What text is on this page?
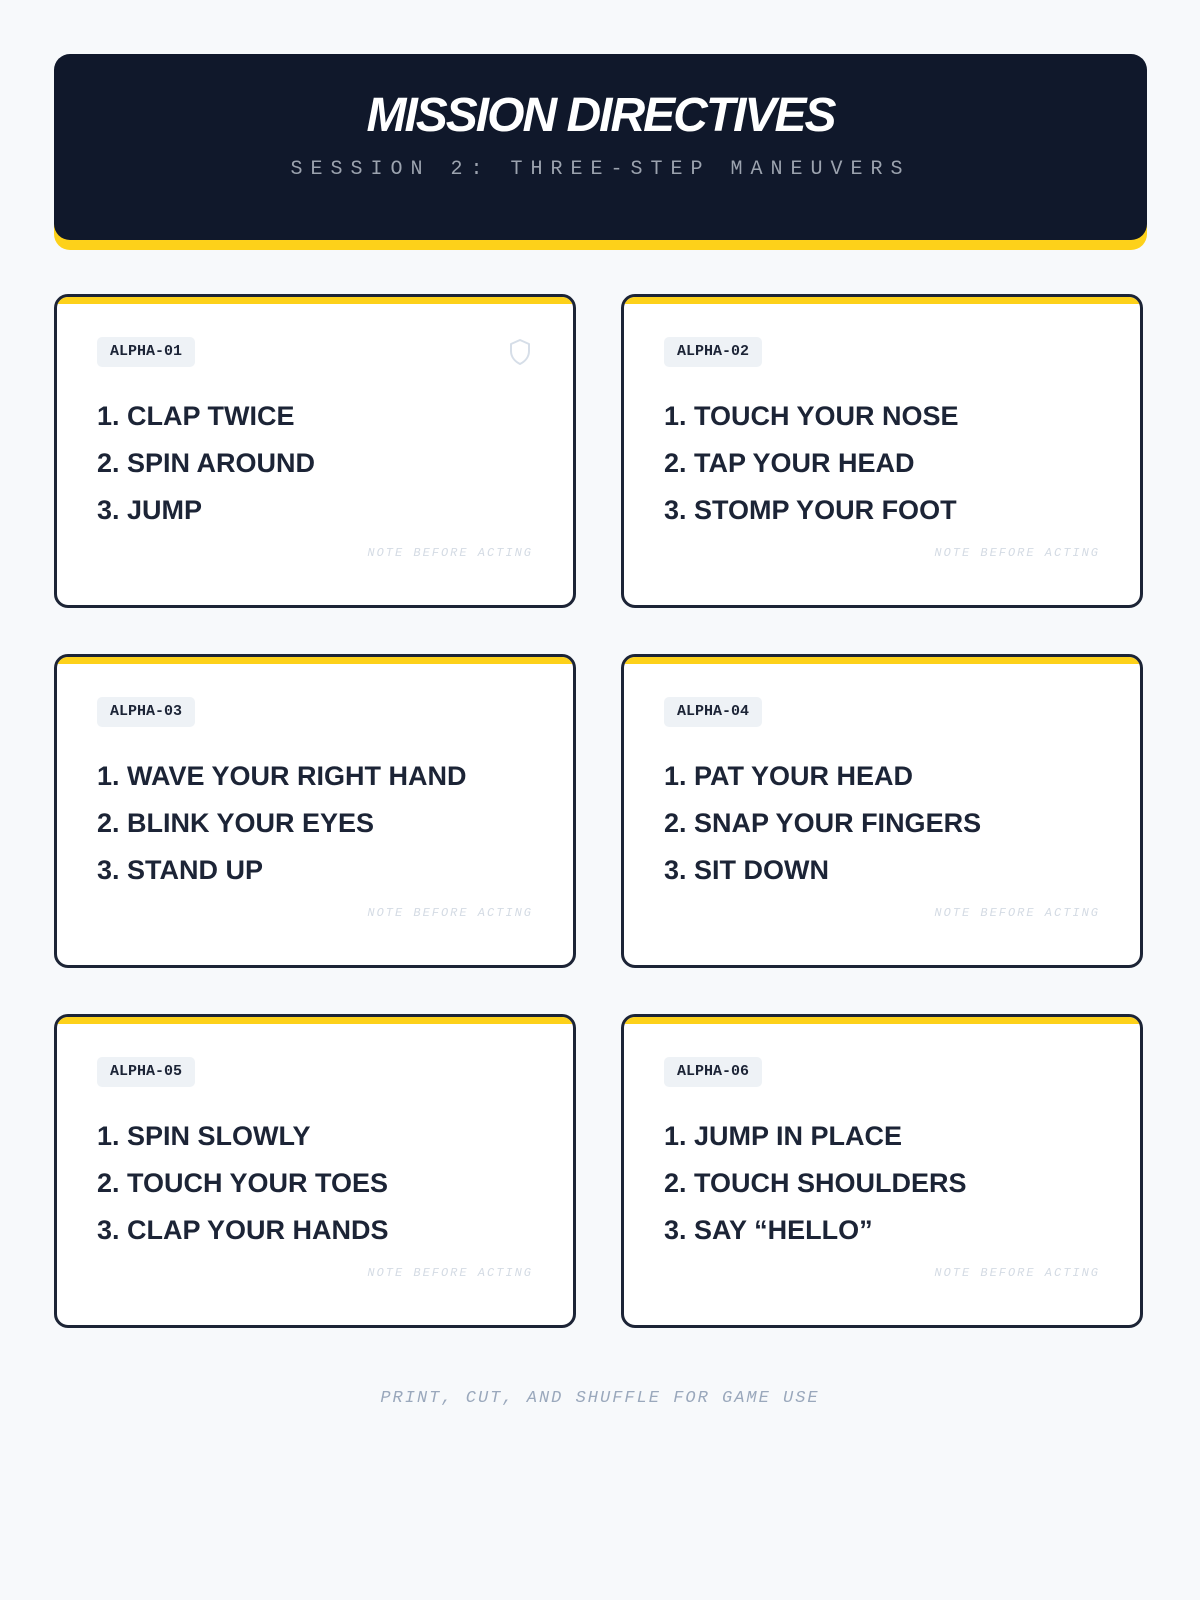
MISSION DIRECTIVES
SESSION 2: THREE-STEP MANEUVERS
ALPHA-01
1. CLAP TWICE
2. SPIN AROUND
3. JUMP
NOTE BEFORE ACTING
ALPHA-02
1. TOUCH YOUR NOSE
2. TAP YOUR HEAD
3. STOMP YOUR FOOT
NOTE BEFORE ACTING
ALPHA-03
1. WAVE YOUR RIGHT HAND
2. BLINK YOUR EYES
3. STAND UP
NOTE BEFORE ACTING
ALPHA-04
1. PAT YOUR HEAD
2. SNAP YOUR FINGERS
3. SIT DOWN
NOTE BEFORE ACTING
ALPHA-05
1. SPIN SLOWLY
2. TOUCH YOUR TOES
3. CLAP YOUR HANDS
NOTE BEFORE ACTING
ALPHA-06
1. JUMP IN PLACE
2. TOUCH SHOULDERS
3. SAY “HELLO”
NOTE BEFORE ACTING
PRINT, CUT, AND SHUFFLE FOR GAME USE
